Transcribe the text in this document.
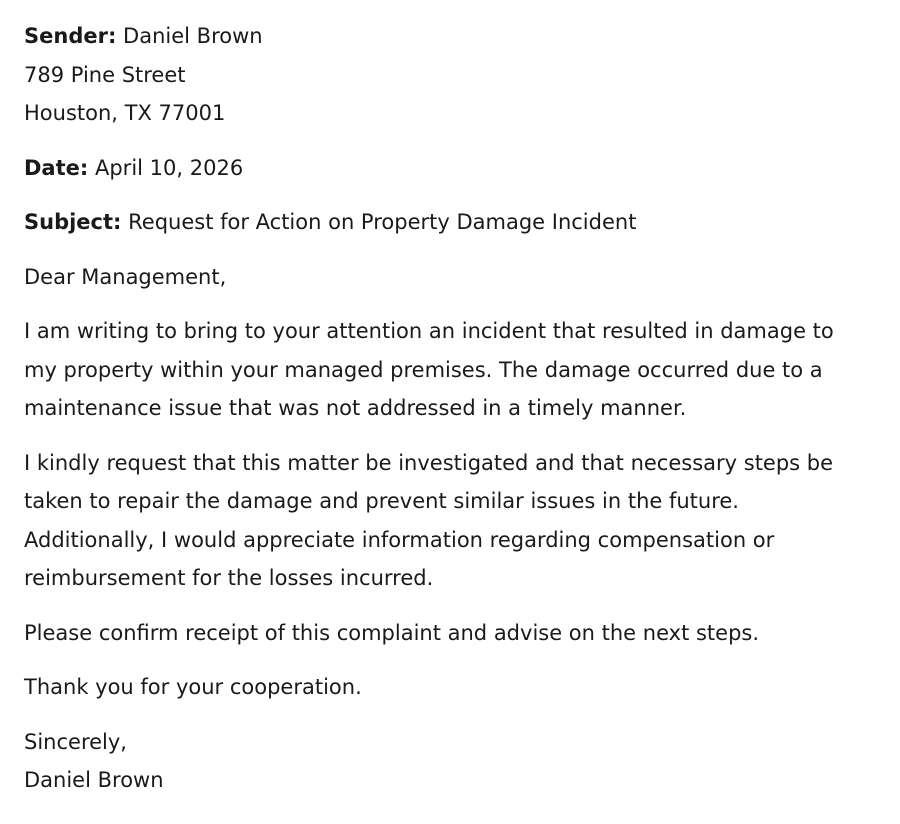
Sender: Daniel Brown
789 Pine Street
Houston, TX 77001
Date: April 10, 2026
Subject: Request for Action on Property Damage Incident
Dear Management,
I am writing to bring to your attention an incident that resulted in damage to
my property within your managed premises. The damage occurred due to a
maintenance issue that was not addressed in a timely manner.
I kindly request that this matter be investigated and that necessary steps be
taken to repair the damage and prevent similar issues in the future.
Additionally, I would appreciate information regarding compensation or
reimbursement for the losses incurred.
Please confirm receipt of this complaint and advise on the next steps.
Thank you for your cooperation.
Sincerely,
Daniel Brown
